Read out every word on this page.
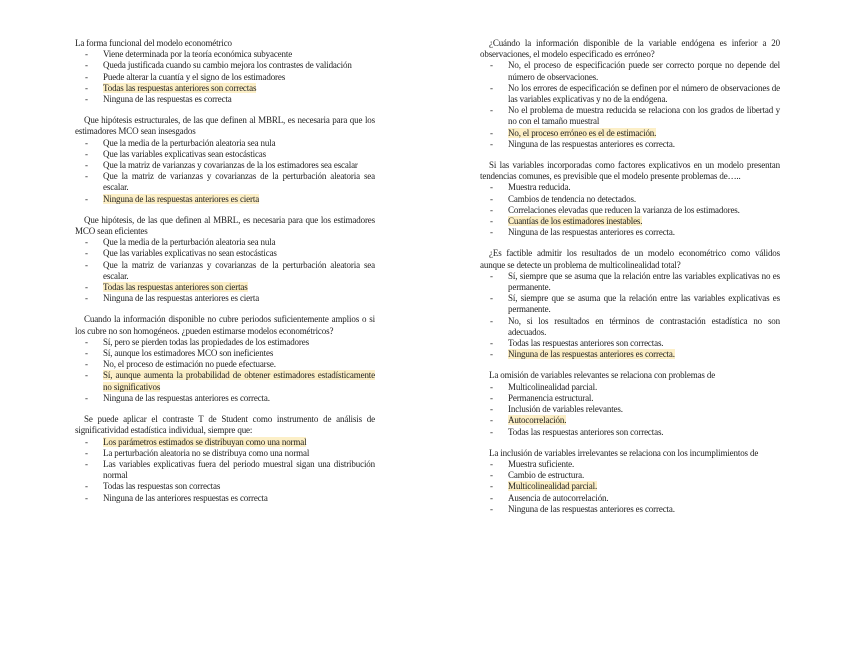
La forma funcional del modelo econométrico
- Viene determinada por la teoría económica subyacente
- Queda justificada cuando su cambio mejora los contrastes de validación
- Puede alterar la cuantía y el signo de los estimadores
- Todas las respuestas anteriores son correctas
- Ninguna de las respuestas es correcta
Que hipótesis estructurales, de las que definen al MBRL, es necesaria para que los estimadores MCO sean insesgados
- Que la media de la perturbación aleatoria sea nula
- Que las variables explicativas sean estocásticas
- Que la matriz de varianzas y covarianzas de la los estimadores sea escalar
- Que la matriz de varianzas y covarianzas de la perturbación aleatoria sea escalar.
- Ninguna de las respuestas anteriores es cierta
Que hipótesis, de las que definen al MBRL, es necesaria para que los estimadores MCO sean eficientes
- Que la media de la perturbación aleatoria sea nula
- Que las variables explicativas no sean estocásticas
- Que la matriz de varianzas y covarianzas de la perturbación aleatoria sea escalar.
- Todas las respuestas anteriores son ciertas
- Ninguna de las respuestas anteriores es cierta
Cuando la información disponible no cubre periodos suficientemente amplios o si los cubre no son homogéneos. ¿pueden estimarse modelos econométricos?
- Sí, pero se pierden todas las propiedades de los estimadores
- Sí, aunque los estimadores MCO son ineficientes
- No, el proceso de estimación no puede efectuarse.
- Sí, aunque aumenta la probabilidad de obtener estimadores estadísticamente no significativos
- Ninguna de las respuestas anteriores es correcta.
Se puede aplicar el contraste T de Student como instrumento de análisis de significatividad estadística individual, siempre que:
- Los parámetros estimados se distribuyan como una normal
- La perturbación aleatoria no se distribuya como una normal
- Las variables explicativas fuera del periodo muestral sigan una distribución normal
- Todas las respuestas son correctas
- Ninguna de las anteriores respuestas es correcta
¿Cuándo la información disponible de la variable endógena es inferior a 20 observaciones, el modelo especificado es erróneo?
- No, el proceso de especificación puede ser correcto porque no depende del número de observaciones.
- No los errores de especificación se definen por el número de observaciones de las variables explicativas y no de la endógena.
- No el problema de muestra reducida se relaciona con los grados de libertad y no con el tamaño muestral
- No, el proceso erróneo es el de estimación.
- Ninguna de las respuestas anteriores es correcta.
Si las variables incorporadas como factores explicativos en un modelo presentan tendencias comunes, es previsible que el modelo presente problemas de…..
- Muestra reducida.
- Cambios de tendencia no detectados.
- Correlaciones elevadas que reducen la varianza de los estimadores.
- Cuantías de los estimadores inestables.
- Ninguna de las respuestas anteriores es correcta.
¿Es factible admitir los resultados de un modelo econométrico como válidos aunque se detecte un problema de multicolinealidad total?
- Sí, siempre que se asuma que la relación entre las variables explicativas no es permanente.
- Sí, siempre que se asuma que la relación entre las variables explicativas es permanente.
- No, si los resultados en términos de contrastación estadística no son adecuados.
- Todas las respuestas anteriores son correctas.
- Ninguna de las respuestas anteriores es correcta.
La omisión de variables relevantes se relaciona con problemas de
- Multicolinealidad parcial.
- Permanencia estructural.
- Inclusión de variables relevantes.
- Autocorrelación.
- Todas las respuestas anteriores son correctas.
La inclusión de variables irrelevantes se relaciona con los incumplimientos de
- Muestra suficiente.
- Cambio de estructura.
- Multicolinealidad parcial.
- Ausencia de autocorrelación.
- Ninguna de las respuestas anteriores es correcta.
